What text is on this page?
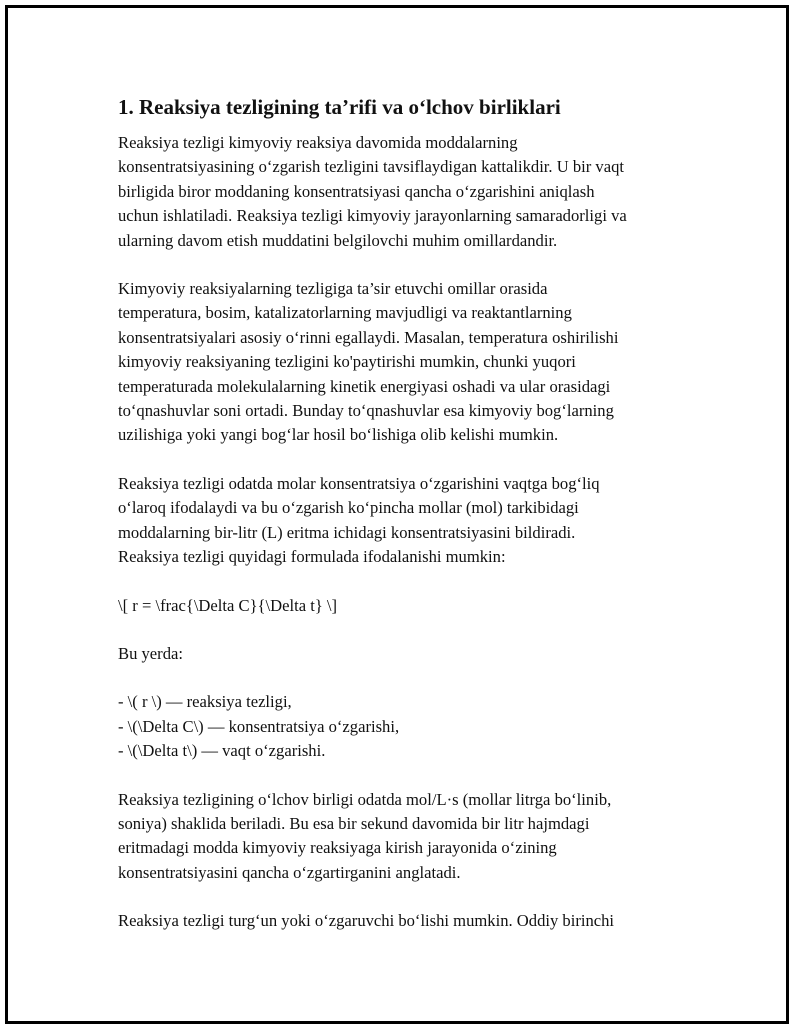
1. Reaksiya tezligining ta’rifi va o‘lchov birliklari

Reaksiya tezligi kimyoviy reaksiya davomida moddalarning
konsentratsiyasining o‘zgarish tezligini tavsiflaydigan kattalikdir. U bir vaqt
birligida biror moddaning konsentratsiyasi qancha o‘zgarishini aniqlash
uchun ishlatiladi. Reaksiya tezligi kimyoviy jarayonlarning samaradorligi va
ularning davom etish muddatini belgilovchi muhim omillardandir.

Kimyoviy reaksiyalarning tezligiga ta’sir etuvchi omillar orasida
temperatura, bosim, katalizatorlarning mavjudligi va reaktantlarning
konsentratsiyalari asosiy o‘rinni egallaydi. Masalan, temperatura oshirilishi
kimyoviy reaksiyaning tezligini ko'paytirishi mumkin, chunki yuqori
temperaturada molekulalarning kinetik energiyasi oshadi va ular orasidagi
to‘qnashuvlar soni ortadi. Bunday to‘qnashuvlar esa kimyoviy bog‘larning
uzilishiga yoki yangi bog‘lar hosil bo‘lishiga olib kelishi mumkin.

Reaksiya tezligi odatda molar konsentratsiya o‘zgarishini vaqtga bog‘liq
o‘laroq ifodalaydi va bu o‘zgarish ko‘pincha mollar (mol) tarkibidagi
moddalarning bir-litr (L) eritma ichidagi konsentratsiyasini bildiradi.
Reaksiya tezligi quyidagi formulada ifodalanishi mumkin:

\[ r = \frac{\Delta C}{\Delta t} \]

Bu yerda:

- \( r \) — reaksiya tezligi,
- \(\Delta C\) — konsentratsiya o‘zgarishi,
- \(\Delta t\) — vaqt o‘zgarishi.

Reaksiya tezligining o‘lchov birligi odatda mol/L·s (mollar litrga bo‘linib,
soniya) shaklida beriladi. Bu esa bir sekund davomida bir litr hajmdagi
eritmadagi modda kimyoviy reaksiyaga kirish jarayonida o‘zining
konsentratsiyasini qancha o‘zgartirganini anglatadi.

Reaksiya tezligi turg‘un yoki o‘zgaruvchi bo‘lishi mumkin. Oddiy birinchi
